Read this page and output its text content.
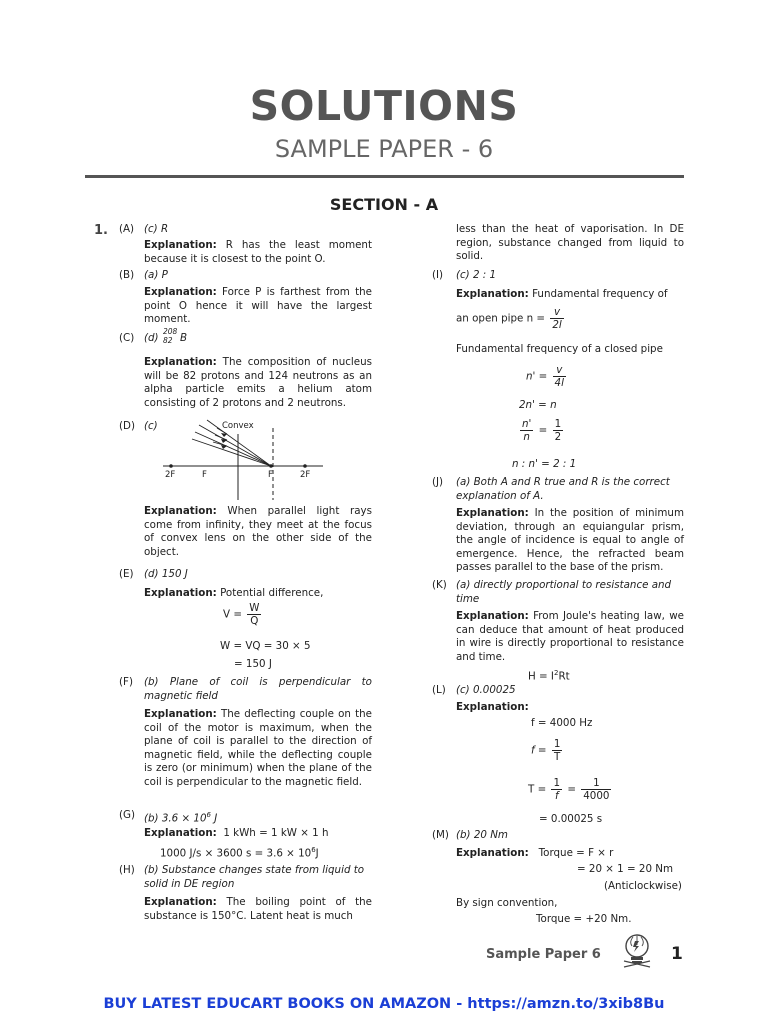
SOLUTIONS
SAMPLE PAPER - 6
SECTION - A
1. (A) (c) R
Explanation: R has the least moment because it is closest to the point O.
(B) (a) P
Explanation: Force P is farthest from the point O hence it will have the largest moment.
(C) (d)
208
82 B
Explanation: The composition of nucleus will be 82 protons and 124 neutrons as an alpha particle emits a helium atom consisting of 2 protons and 2 neutrons.
(D) (c)	Convex
2F	F	F	2F
Explanation: When parallel light rays come from infinity, they meet at the focus of convex lens on the other side of the object.
(E) (d) 150 J
Explanation: Potential difference,
$V = \frac{W}{Q}$
W = VQ = 30 × 5
= 150 J
(F) (b) Plane of coil is perpendicular to magnetic field
Explanation: The deflecting couple on the coil of the motor is maximum, when the plane of coil is parallel to the direction of magnetic field, while the deflecting couple is zero (or minimum) when the plane of the coil is perpendicular to the magnetic field.
(G) (b) $3.6 \times 10^6$ J
Explanation: 1 kWh = 1 kW × 1 h
1000 J/s × 3600 $s = 3.6 \times 10^6J$
(H) (b) Substance changes state from liquid to solid in DE region
Explanation: The boiling point of the substance is 150°C. Latent heat is much
less than the heat of vaporisation. In DE region, substance changed from liquid to solid.
(I) (c) 2 : 1
Explanation: Fundamental frequency of
an open pipe $n = \frac{v}{2l}$
Fundamental frequency of a closed pipe
$n' = \frac{v}{4l}$
2n' = n
$\frac{n'}{n} = \frac{1}{2}$
n : n' = 2 : 1
(J) (a) Both A and R true and R is the correct explanation of A.
Explanation: In the position of minimum deviation, through an equiangular prism, the angle of incidence is equal to angle of emergence. Hence, the refracted beam passes parallel to the base of the prism.
(K) (a) directly proportional to resistance and time
Explanation: From Joule's heating law, we can deduce that amount of heat produced in wire is directly proportional to resistance and time.
$H = I^2Rt$
(L) (c) 0.00025
Explanation:
f = 4000 Hz
$f = \frac{1}{T}$
$T = \frac{1}{f} = \frac{1}{4000}$
= 0.00025 s
(M) (b) 20 Nm
Explanation: Torque = F × r
= 20 × 1 = 20 Nm
(Anticlockwise)
By sign convention,
Torque = +20 Nm.
Sample Paper 6	1
BUY LATEST EDUCART BOOKS ON AMAZON - https://amzn.to/3xib8Bu
